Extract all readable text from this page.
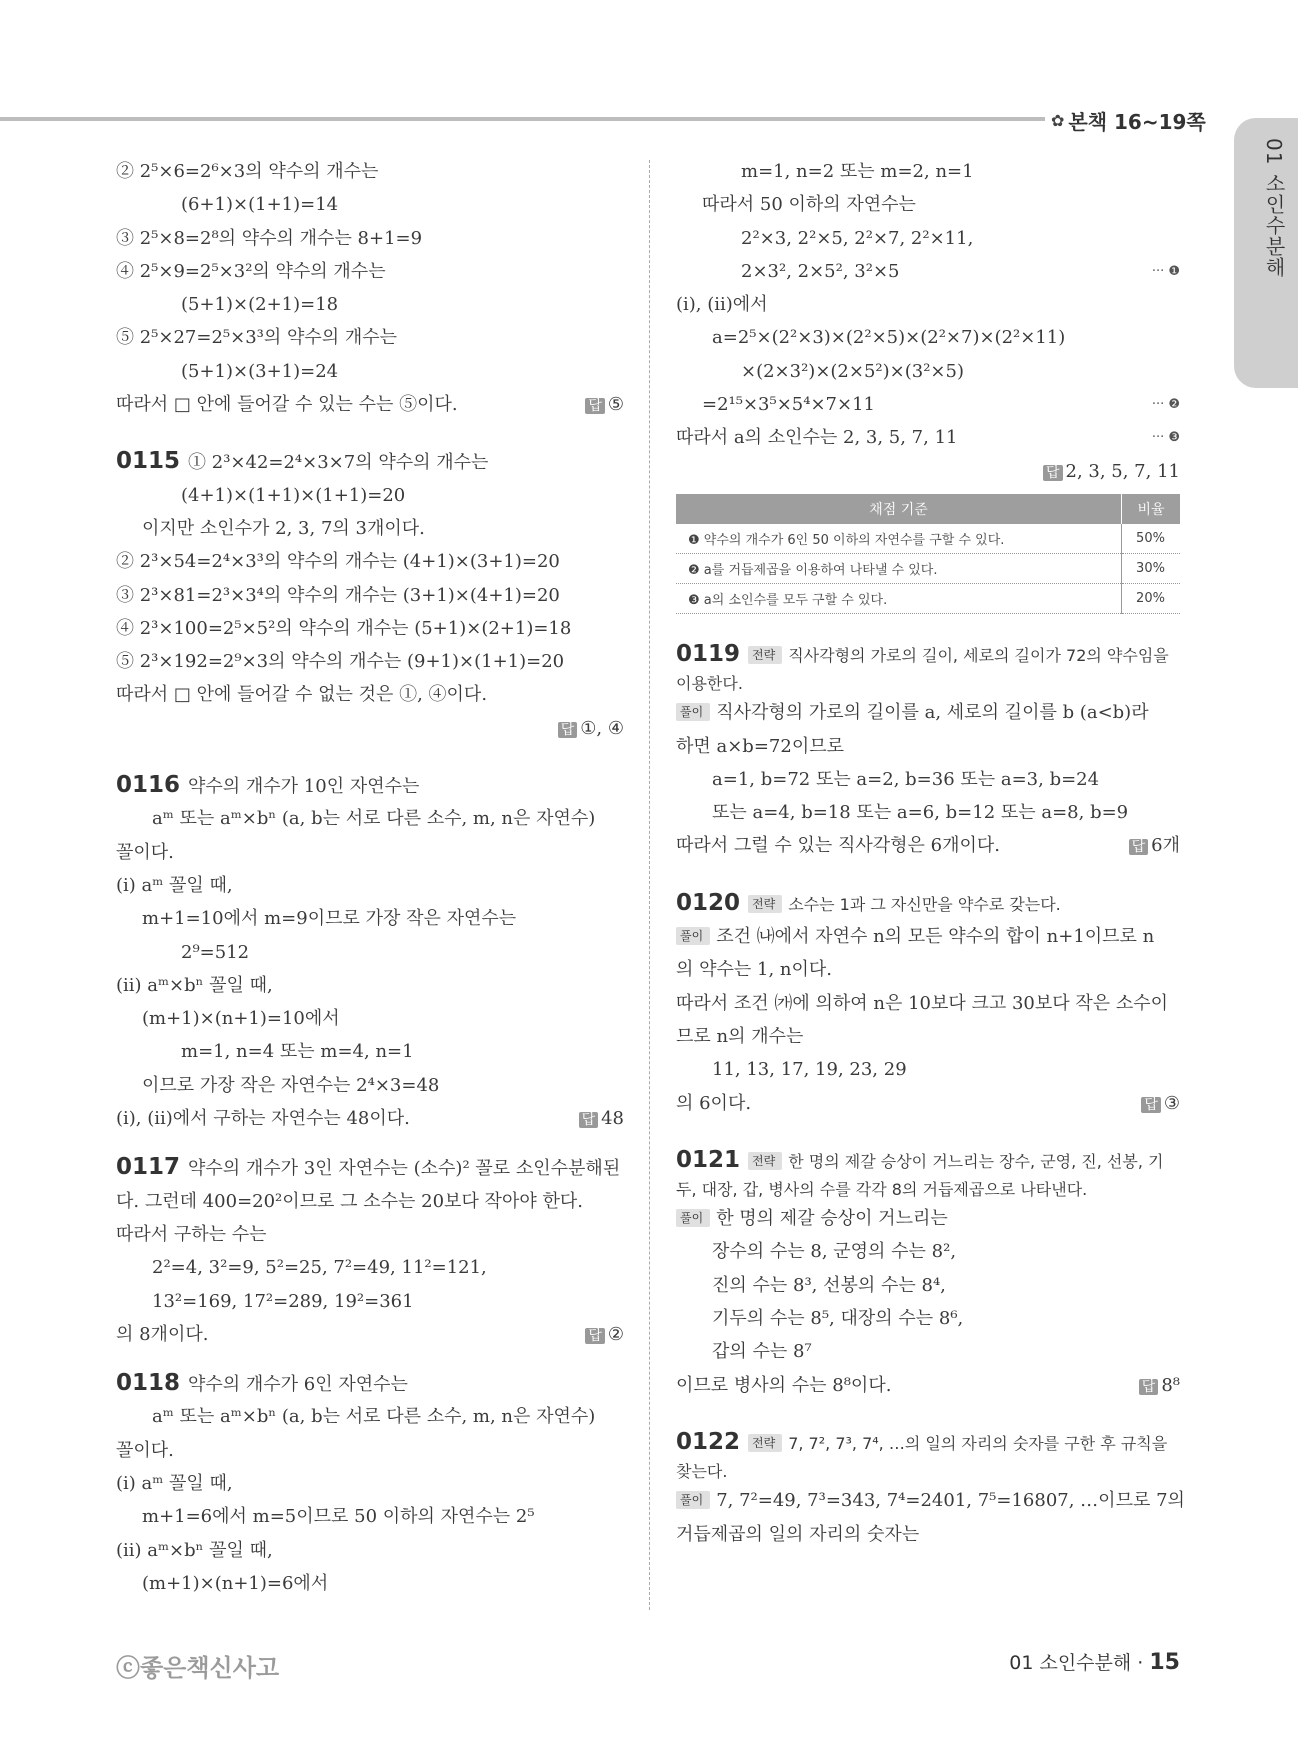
✿ 본책 16~19쪽
01 소인수분해
② 2⁵×6=2⁶×3의 약수의 개수는
(6+1)×(1+1)=14
③ 2⁵×8=2⁸의 약수의 개수는 8+1=9
④ 2⁵×9=2⁵×3²의 약수의 개수는
(5+1)×(2+1)=18
⑤ 2⁵×27=2⁵×3³의 약수의 개수는
(5+1)×(3+1)=24
따라서 □ 안에 들어갈 수 있는 수는 ⑤이다.	답 ⑤
0115 ① 2³×42=2⁴×3×7의 약수의 개수는
(4+1)×(1+1)×(1+1)=20
이지만 소인수가 2, 3, 7의 3개이다.
② 2³×54=2⁴×3³의 약수의 개수는 (4+1)×(3+1)=20
③ 2³×81=2³×3⁴의 약수의 개수는 (3+1)×(4+1)=20
④ 2³×100=2⁵×5²의 약수의 개수는 (5+1)×(2+1)=18
⑤ 2³×192=2⁹×3의 약수의 개수는 (9+1)×(1+1)=20
따라서 □ 안에 들어갈 수 없는 것은 ①, ④이다.
답 ①, ④
0116 약수의 개수가 10인 자연수는
aᵐ 또는 aᵐ×bⁿ (a, b는 서로 다른 소수, m, n은 자연수)
꼴이다.
(ⅰ) aᵐ 꼴일 때,
m+1=10에서 m=9이므로 가장 작은 자연수는
2⁹=512
(ⅱ) aᵐ×bⁿ 꼴일 때,
(m+1)×(n+1)=10에서
m=1, n=4 또는 m=4, n=1
이므로 가장 작은 자연수는 2⁴×3=48
(ⅰ), (ⅱ)에서 구하는 자연수는 48이다.	답 48
0117 약수의 개수가 3인 자연수는 (소수)² 꼴로 소인수분해된
다. 그런데 400=20²이므로 그 소수는 20보다 작아야 한다.
따라서 구하는 수는
2²=4, 3²=9, 5²=25, 7²=49, 11²=121,
13²=169, 17²=289, 19²=361
의 8개이다.	답 ②
0118 약수의 개수가 6인 자연수는
aᵐ 또는 aᵐ×bⁿ (a, b는 서로 다른 소수, m, n은 자연수)
꼴이다.
(ⅰ) aᵐ 꼴일 때,
m+1=6에서 m=5이므로 50 이하의 자연수는 2⁵
(ⅱ) aᵐ×bⁿ 꼴일 때,
(m+1)×(n+1)=6에서
m=1, n=2 또는 m=2, n=1
따라서 50 이하의 자연수는
2²×3, 2²×5, 2²×7, 2²×11,
2×3², 2×5², 3²×5	··· ❶
(ⅰ), (ⅱ)에서
a=2⁵×(2²×3)×(2²×5)×(2²×7)×(2²×11)
×(2×3²)×(2×5²)×(3²×5)
=2¹⁵×3⁵×5⁴×7×11	··· ❷
따라서 a의 소인수는 2, 3, 5, 7, 11	··· ❸
답 2, 3, 5, 7, 11
채점 기준	비율
❶ 약수의 개수가 6인 50 이하의 자연수를 구할 수 있다.	50%
❷ a를 거듭제곱을 이용하여 나타낼 수 있다.	30%
❸ a의 소인수를 모두 구할 수 있다.	20%
0119 전략 직사각형의 가로의 길이, 세로의 길이가 72의 약수임을
이용한다.
풀이 직사각형의 가로의 길이를 a, 세로의 길이를 b (a<b)라
하면 a×b=72이므로
a=1, b=72 또는 a=2, b=36 또는 a=3, b=24
또는 a=4, b=18 또는 a=6, b=12 또는 a=8, b=9
따라서 그럴 수 있는 직사각형은 6개이다.	답 6개
0120 전략 소수는 1과 그 자신만을 약수로 갖는다.
풀이 조건 ㈏에서 자연수 n의 모든 약수의 합이 n+1이므로 n
의 약수는 1, n이다.
따라서 조건 ㈎에 의하여 n은 10보다 크고 30보다 작은 소수이
므로 n의 개수는
11, 13, 17, 19, 23, 29
의 6이다.	답 ③
0121 전략 한 명의 제갈 승상이 거느리는 장수, 군영, 진, 선봉, 기
두, 대장, 갑, 병사의 수를 각각 8의 거듭제곱으로 나타낸다.
풀이 한 명의 제갈 승상이 거느리는
장수의 수는 8, 군영의 수는 8²,
진의 수는 8³, 선봉의 수는 8⁴,
기두의 수는 8⁵, 대장의 수는 8⁶,
갑의 수는 8⁷
이므로 병사의 수는 8⁸이다.	답 8⁸
0122 전략 7, 7², 7³, 7⁴, …의 일의 자리의 숫자를 구한 후 규칙을
찾는다.
풀이 7, 7²=49, 7³=343, 7⁴=2401, 7⁵=16807, …이므로 7의
거듭제곱의 일의 자리의 숫자는
ⓒ좋은책신사고	01 소인수분해 · 15
